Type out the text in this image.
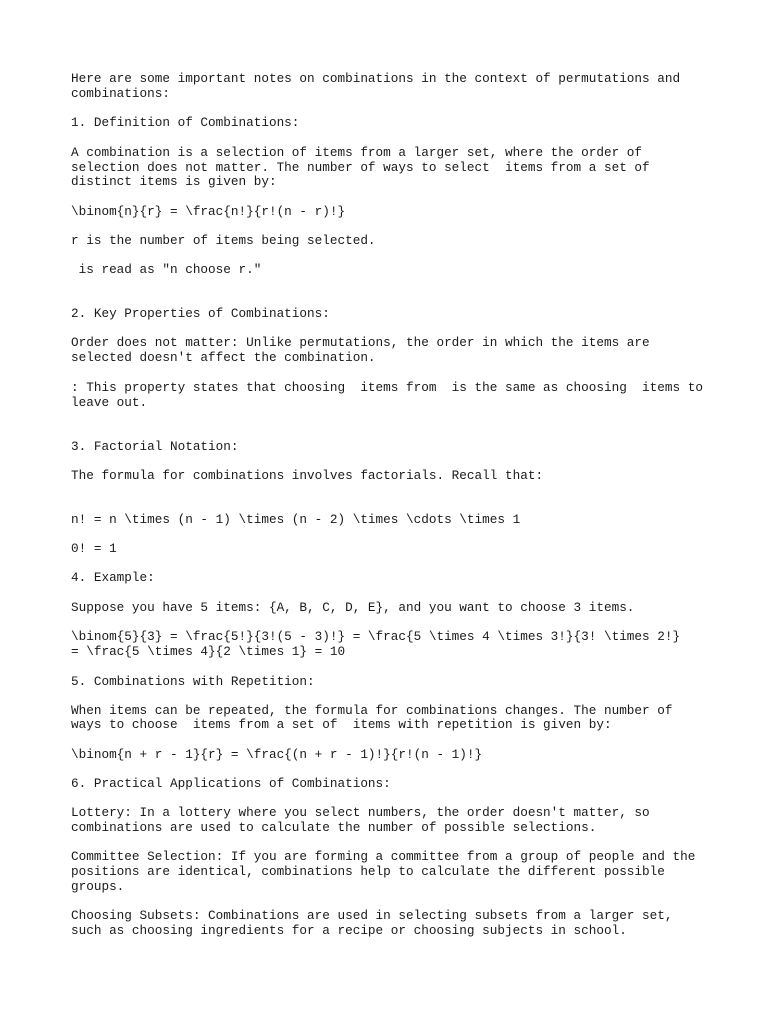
Here are some important notes on combinations in the context of permutations and

combinations:

1. Definition of Combinations:

A combination is a selection of items from a larger set, where the order of

selection does not matter. The number of ways to select  items from a set of

distinct items is given by:

\binom{n}{r} = \frac{n!}{r!(n - r)!}

r is the number of items being selected.

is read as "n choose r."

2. Key Properties of Combinations:

Order does not matter: Unlike permutations, the order in which the items are

selected doesn't affect the combination.

: This property states that choosing  items from  is the same as choosing  items to

leave out.

3. Factorial Notation:

The formula for combinations involves factorials. Recall that:

n! = n \times (n - 1) \times (n - 2) \times \cdots \times 1

0! = 1

4. Example:

Suppose you have 5 items: {A, B, C, D, E}, and you want to choose 3 items.

\binom{5}{3} = \frac{5!}{3!(5 - 3)!} = \frac{5 \times 4 \times 3!}{3! \times 2!}

= \frac{5 \times 4}{2 \times 1} = 10

5. Combinations with Repetition:

When items can be repeated, the formula for combinations changes. The number of

ways to choose  items from a set of  items with repetition is given by:

\binom{n + r - 1}{r} = \frac{(n + r - 1)!}{r!(n - 1)!}

6. Practical Applications of Combinations:

Lottery: In a lottery where you select numbers, the order doesn't matter, so

combinations are used to calculate the number of possible selections.

Committee Selection: If you are forming a committee from a group of people and the

positions are identical, combinations help to calculate the different possible

groups.

Choosing Subsets: Combinations are used in selecting subsets from a larger set,

such as choosing ingredients for a recipe or choosing subjects in school.
